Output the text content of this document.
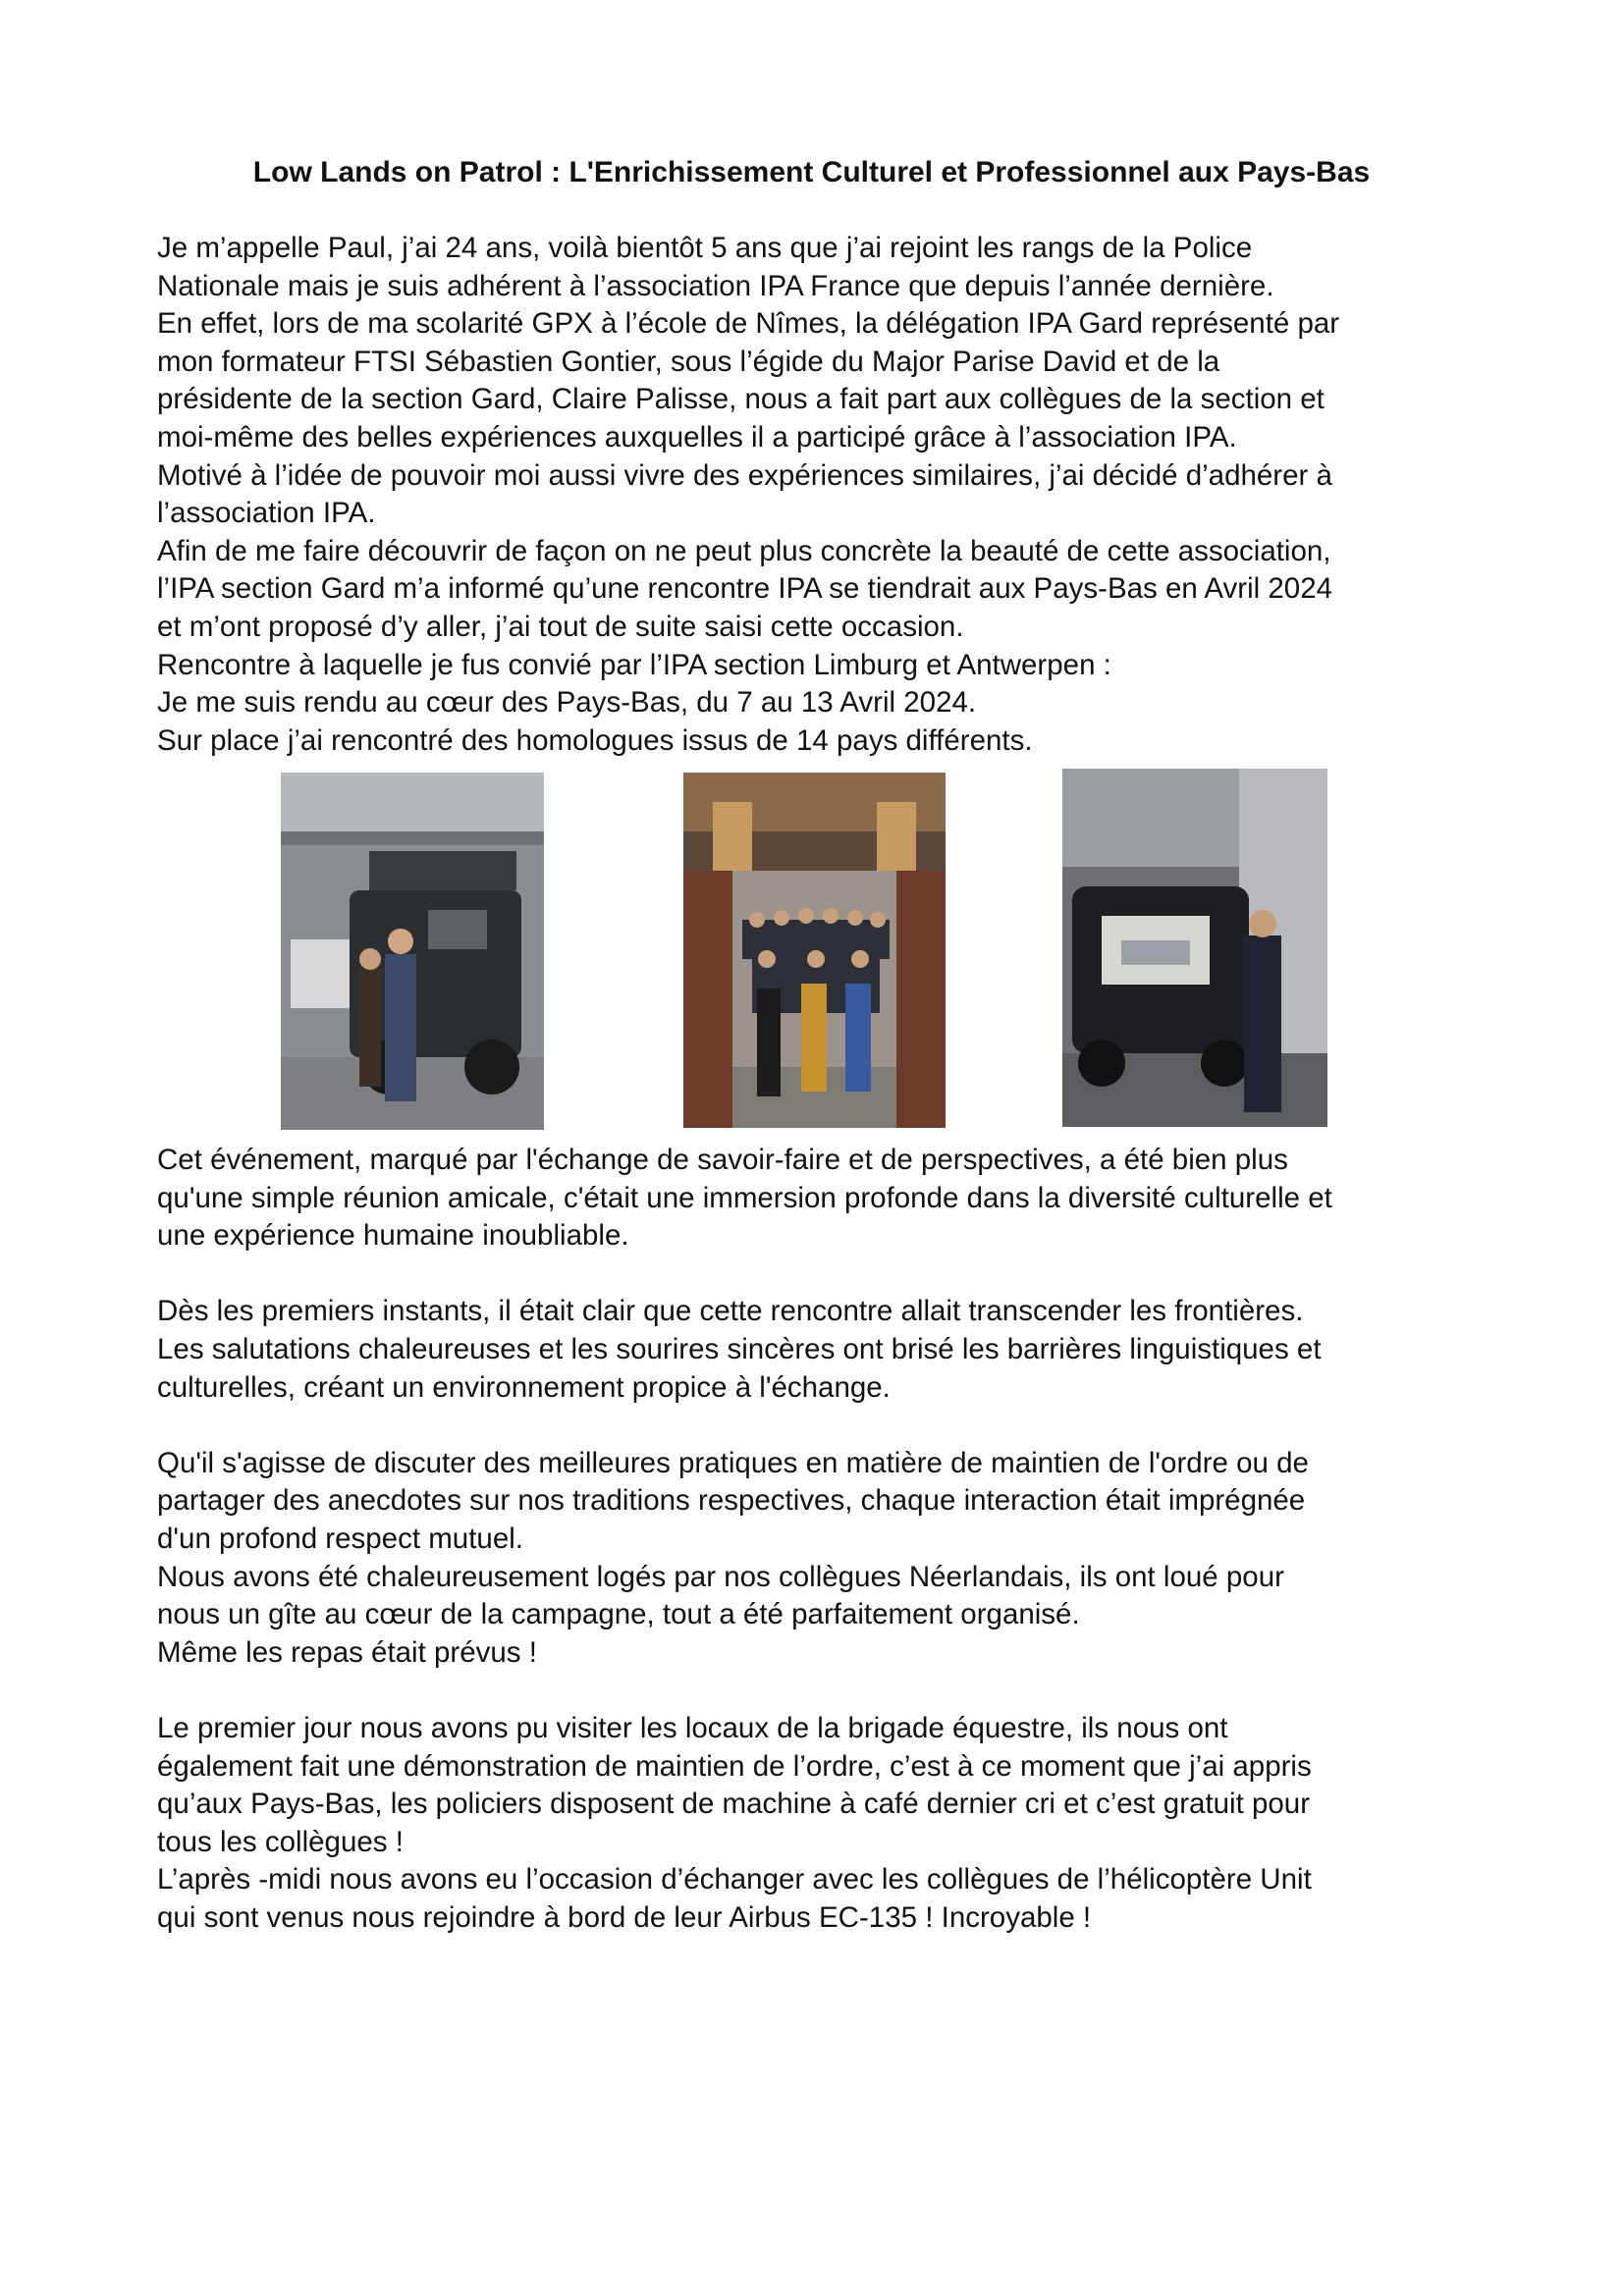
Low Lands on Patrol : L'Enrichissement Culturel et Professionnel aux Pays-Bas
Je m’appelle Paul, j’ai 24 ans, voilà bientôt 5 ans que j’ai rejoint les rangs de la Police
Nationale mais je suis adhérent à l’association IPA France que depuis l’année dernière.
En effet, lors de ma scolarité GPX à l’école de Nîmes, la délégation IPA Gard représenté par
mon formateur FTSI Sébastien Gontier, sous l’égide du Major Parise David et de la
présidente de la section Gard, Claire Palisse, nous a fait part aux collègues de la section et
moi-même des belles expériences auxquelles il a participé grâce à l’association IPA.
Motivé à l’idée de pouvoir moi aussi vivre des expériences similaires, j’ai décidé d’adhérer à
l’association IPA.
Afin de me faire découvrir de façon on ne peut plus concrète la beauté de cette association,
l’IPA section Gard m’a informé qu’une rencontre IPA se tiendrait aux Pays-Bas en Avril 2024
et m’ont proposé d’y aller, j’ai tout de suite saisi cette occasion.
Rencontre à laquelle je fus convié par l’IPA section Limburg et Antwerpen :
Je me suis rendu au cœur des Pays-Bas, du 7 au 13 Avril 2024.
Sur place j’ai rencontré des homologues issus de 14 pays différents.
Cet événement, marqué par l'échange de savoir-faire et de perspectives, a été bien plus
qu'une simple réunion amicale, c'était une immersion profonde dans la diversité culturelle et
une expérience humaine inoubliable.

Dès les premiers instants, il était clair que cette rencontre allait transcender les frontières.
Les salutations chaleureuses et les sourires sincères ont brisé les barrières linguistiques et
culturelles, créant un environnement propice à l'échange.

Qu'il s'agisse de discuter des meilleures pratiques en matière de maintien de l'ordre ou de
partager des anecdotes sur nos traditions respectives, chaque interaction était imprégnée
d'un profond respect mutuel.
Nous avons été chaleureusement logés par nos collègues Néerlandais, ils ont loué pour
nous un gîte au cœur de la campagne, tout a été parfaitement organisé.
Même les repas était prévus !

Le premier jour nous avons pu visiter les locaux de la brigade équestre, ils nous ont
également fait une démonstration de maintien de l’ordre, c’est à ce moment que j’ai appris
qu’aux Pays-Bas, les policiers disposent de machine à café dernier cri et c’est gratuit pour
tous les collègues !
L’après -midi nous avons eu l’occasion d’échanger avec les collègues de l’hélicoptère Unit
qui sont venus nous rejoindre à bord de leur Airbus EC-135 ! Incroyable !
